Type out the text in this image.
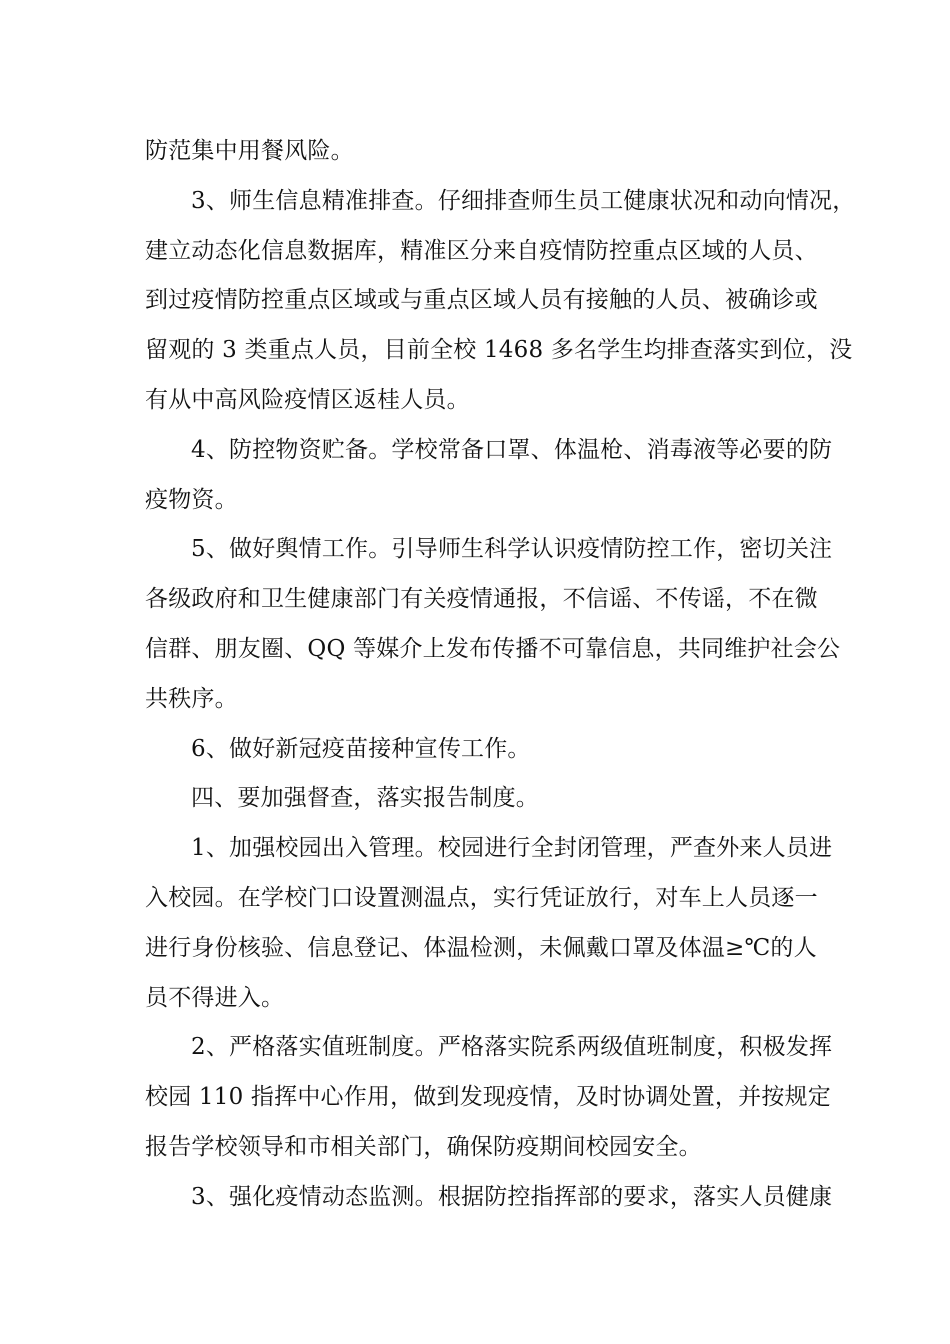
防范集中用餐风险。

3、师生信息精准排查。仔细排查师生员工健康状况和动向情况，
建立动态化信息数据库，精准区分来自疫情防控重点区域的人员、
到过疫情防控重点区域或与重点区域人员有接触的人员、被确诊或
留观的 3 类重点人员，目前全校 1468 多名学生均排查落实到位，没
有从中高风险疫情区返桂人员。

4、防控物资贮备。学校常备口罩、体温枪、消毒液等必要的防
疫物资。

5、做好舆情工作。引导师生科学认识疫情防控工作，密切关注
各级政府和卫生健康部门有关疫情通报，不信谣、不传谣，不在微
信群、朋友圈、QQ 等媒介上发布传播不可靠信息，共同维护社会公
共秩序。

6、做好新冠疫苗接种宣传工作。

四、要加强督查，落实报告制度。

1、加强校园出入管理。校园进行全封闭管理，严查外来人员进
入校园。在学校门口设置测温点，实行凭证放行，对车上人员逐一
进行身份核验、信息登记、体温检测，未佩戴口罩及体温≥℃的人
员不得进入。

2、严格落实值班制度。严格落实院系两级值班制度，积极发挥
校园 110 指挥中心作用，做到发现疫情，及时协调处置，并按规定
报告学校领导和市相关部门，确保防疫期间校园安全。

3、强化疫情动态监测。根据防控指挥部的要求，落实人员健康
